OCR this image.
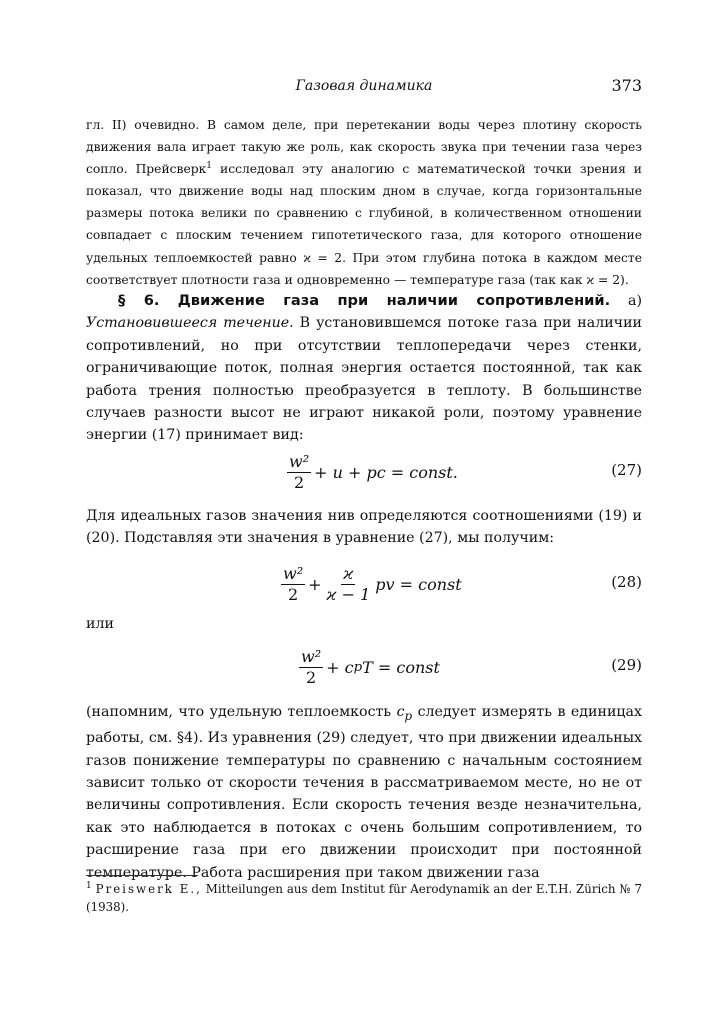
Газовая динамика	373
гл. II) очевидно. В самом деле, при перетекании воды через плотину скорость движения вала играет такую же роль, как скорость звука при течении газа через сопло. Прейсверк$^1$ исследовал эту аналогию с математической точки зрения и показал, что движение воды над плоским дном в случае, когда горизонтальные размеры потока велики по сравнению с глубиной, в количественном отношении совпадает с плоским течением гипотетического газа, для которого отношение удельных теплоемкостей равно ϰ = 2. При этом глубина потока в каждом месте соответствует плотности газа и одновременно — температуре газа (так как ϰ = 2).
§ 6. Движение газа при наличии сопротивлений. а) Установившееся течение. В установившемся потоке газа при наличии сопротивлений, но при отсутствии теплопередачи через стенки, ограничивающие поток, полная энергия остается постоянной, так как работа трения полностью преобразуется в теплоту. В большинстве случаев разности высот не играют никакой роли, поэтому уравнение энергии (17) принимает вид:
$\frac{\text{w²}}{2} + u$ + pc = const.	(27)
Для идеальных газов значения нив определяются соотношениями (19) и (20). Подставляя эти значения в уравнение (27), мы получим:
$\frac{\text{w²}}{2} + \frac{ϰ}{ϰ - 1}$ pv = const	(28)
или
$\frac{\text{w²}}{2} + c$ p T = const	(29)
(напомним, что удельную теплоемкость $c_p$ следует измерять в единицах работы, см. §4). Из уравнения (29) следует, что при движении идеальных газов понижение температуры по сравнению с начальным состоянием зависит только от скорости течения в рассматриваемом месте, но не от величины сопротивления. Если скорость течения везде незначительна, как это наблюдается в потоках с очень большим сопротивлением, то расширение газа при его движении происходит при постоянной температуре. Работа расширения при таком движении газа
$^1$ Preiswerk E., Mitteilungen aus dem Institut für Aerodynamik an der E.T.H. Zürich № 7 (1938).
